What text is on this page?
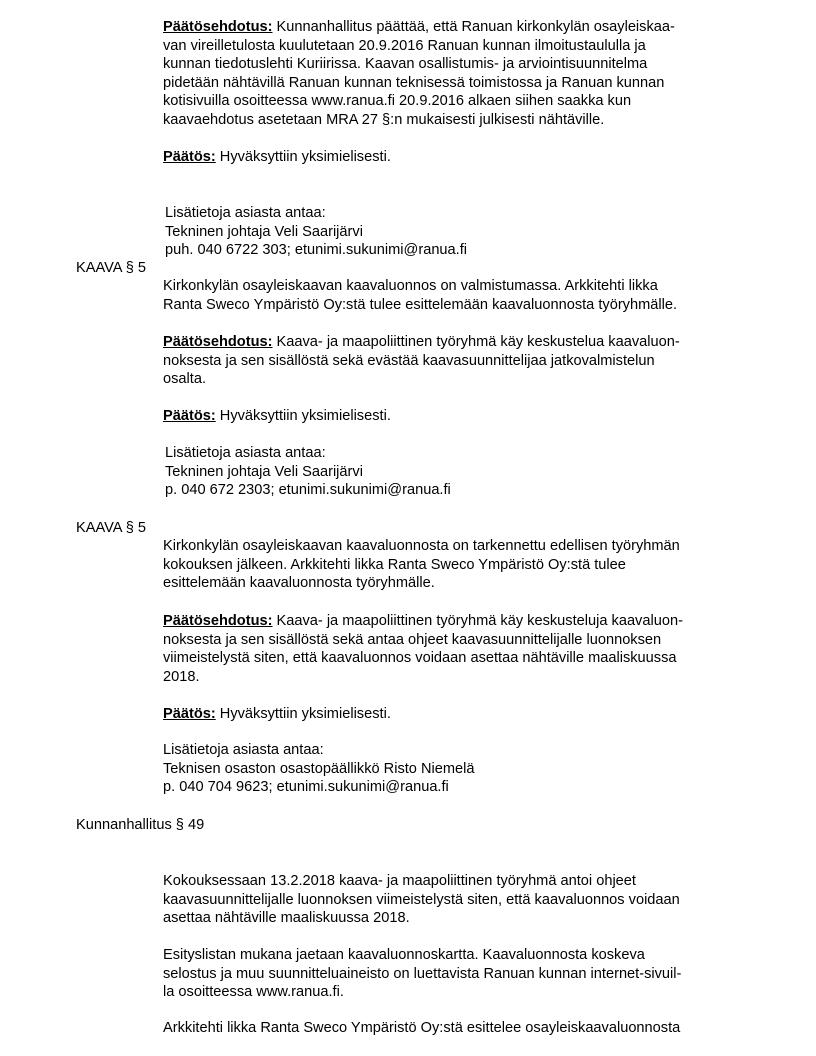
Päätösehdotus: Kunnanhallitus päättää, että Ranuan kirkonkylän osayleiskaa-
van vireilletulosta kuulutetaan 20.9.2016 Ranuan kunnan ilmoitustaululla ja
kunnan tiedotuslehti Kuriirissa. Kaavan osallistumis- ja arviointisuunnitelma
pidetään nähtävillä Ranuan kunnan teknisessä toimistossa ja Ranuan kunnan
kotisivuilla osoitteessa www.ranua.fi 20.9.2016 alkaen siihen saakka kun
kaavaehdotus asetetaan MRA 27 §:n mukaisesti julkisesti nähtäville.
Päätös: Hyväksyttiin yksimielisesti.
Lisätietoja asiasta antaa:
Tekninen johtaja Veli Saarijärvi
puh. 040 6722 303; etunimi.sukunimi@ranua.fi
KAAVA § 5
Kirkonkylän osayleiskaavan kaavaluonnos on valmistumassa. Arkkitehti likka
Ranta Sweco Ympäristö Oy:stä tulee esittelemään kaavaluonnosta työryhmälle.
Päätösehdotus: Kaava- ja maapoliittinen työryhmä käy keskustelua kaavaluon-
noksesta ja sen sisällöstä sekä evästää kaavasuunnittelijaa jatkovalmistelun
osalta.
Päätös: Hyväksyttiin yksimielisesti.
Lisätietoja asiasta antaa:
Tekninen johtaja Veli Saarijärvi
p. 040 672 2303; etunimi.sukunimi@ranua.fi
KAAVA § 5
Kirkonkylän osayleiskaavan kaavaluonnosta on tarkennettu edellisen työryhmän
kokouksen jälkeen. Arkkitehti likka Ranta Sweco Ympäristö Oy:stä tulee
esittelemään kaavaluonnosta työryhmälle.
Päätösehdotus: Kaava- ja maapoliittinen työryhmä käy keskusteluja kaavaluon-
noksesta ja sen sisällöstä sekä antaa ohjeet kaavasuunnittelijalle luonnoksen
viimeistelystä siten, että kaavaluonnos voidaan asettaa nähtäville maaliskuussa
2018.
Päätös: Hyväksyttiin yksimielisesti.
Lisätietoja asiasta antaa:
Teknisen osaston osastopäällikkö Risto Niemelä
p. 040 704 9623; etunimi.sukunimi@ranua.fi
Kunnanhallitus § 49
Kokouksessaan 13.2.2018 kaava- ja maapoliittinen työryhmä antoi ohjeet
kaavasuunnittelijalle luonnoksen viimeistelystä siten, että kaavaluonnos voidaan
asettaa nähtäville maaliskuussa 2018.
Esityslistan mukana jaetaan kaavaluonnoskartta. Kaavaluonnosta koskeva
selostus ja muu suunnitteluaineisto on luettavista Ranuan kunnan internet-sivuil-
la osoitteessa www.ranua.fi.
Arkkitehti likka Ranta Sweco Ympäristö Oy:stä esittelee osayleiskaavaluonnosta
